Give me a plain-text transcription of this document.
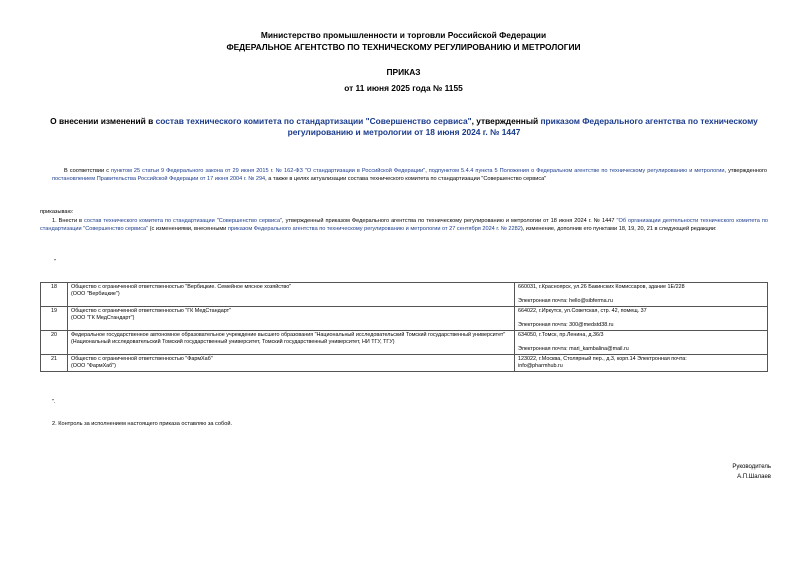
Министерство промышленности и торговли Российской Федерации
ФЕДЕРАЛЬНОЕ АГЕНТСТВО ПО ТЕХНИЧЕСКОМУ РЕГУЛИРОВАНИЮ И МЕТРОЛОГИИ
ПРИКАЗ
от 11 июня 2025 года № 1155
О внесении изменений в состав технического комитета по стандартизации "Совершенство сервиса", утвержденный приказом Федерального агентства по техническому регулированию и метрологии от 18 июня 2024 г. № 1447
В соответствии с пунктом 25 статьи 9 Федерального закона от 29 июня 2015 г. № 162-ФЗ "О стандартизации в Российской Федерации", подпунктом 5.4.4 пункта 5 Положения о Федеральном агентстве по техническому регулированию и метрологии, утвержденного постановлением Правительства Российской Федерации от 17 июня 2004 г. № 294, а также в целях актуализации состава технического комитета по стандартизации "Совершенство сервиса"
приказываю:
1. Внести в состав технического комитета по стандартизации "Совершенство сервиса", утвержденный приказом Федерального агентства по техническому регулированию и метрологии от 18 июня 2024 г. № 1447 "Об организации деятельности технического комитета по стандартизации "Совершенство сервиса" (с изменениями, внесенными приказом Федерального агентства по техническому регулированию и метрологии от 27 сентября 2024 г. № 2282), изменение, дополнив его пунктами 18, 19, 20, 21 в следующей редакции:
"
18	Общество с ограниченной ответственностью "Вербицкие. Семейное мясное хозяйство"
(ООО "Вербицкие")	660031, г.Красноярск, ул.26 Бакинских Комиссаров, здание 1Е/228
Электронная почта: hello@sibferma.ru

19	Общество с ограниченной ответственностью "ГК МедСтандарт"
(ООО "ГК МедСтандарт")	664022, г.Иркутск, ул.Советская, стр. 42, помещ. 37
Электронная почта: 300@medstd38.ru

20	Федеральное государственное автономное образовательное учреждение высшего образования "Национальный исследовательский Томский государственный университет"
(Национальный исследовательский Томский государственный университет, Томский государственный университет, НИ ТГУ, ТГУ)	634050, г.Томск, пр.Ленина, д.36/3
Электронная почта: mari_kambalina@mail.ru

21	Общество с ограниченной ответственностью "ФармХаб"
(ООО "ФармХаб")	123022, г.Москва, Столярный пер., д.3, корп.14 Электронная почта:
info@pharmhub.ru
".
2. Контроль за исполнением настоящего приказа оставляю за собой.
Руководитель
А.П.Шалаев
